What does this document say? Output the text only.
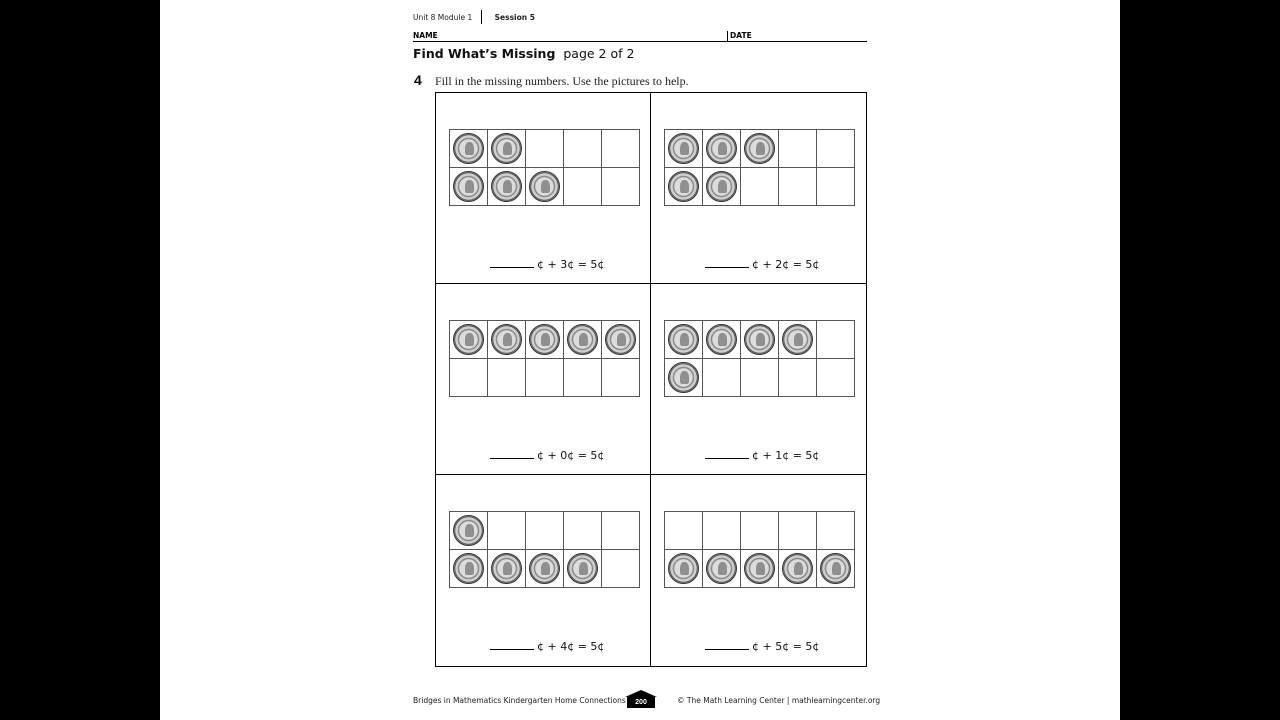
Unit 8 Module 1	Session 5
NAME	DATE
Find What’s Missing page 2 of 2
4 Fill in the missing numbers. Use the pictures to help.

¢ + 3¢ = 5¢

				¢ + 2¢ = 5¢

¢ + 0¢ = 5¢

					¢ + 1¢ = 5¢

¢ + 4¢ = 5¢

		¢ + 5¢ = 5¢
Bridges in Mathematics Kindergarten Home Connections	200	© The Math Learning Center | mathlearningcenter.org
